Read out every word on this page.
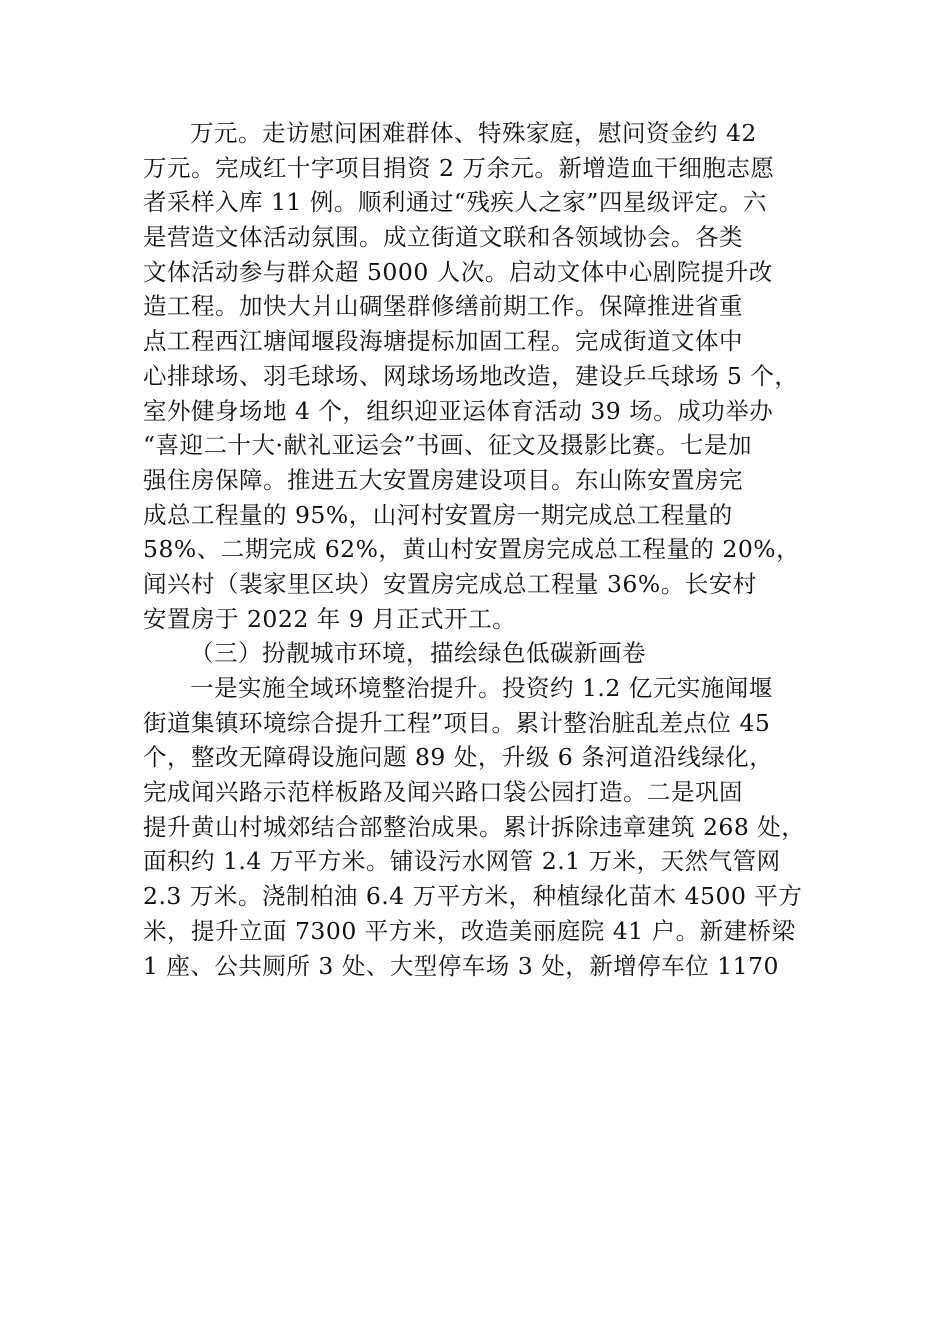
万元。走访慰问困难群体、特殊家庭，慰问资金约 42
万元。完成红十字项目捐资 2 万余元。新增造血干细胞志愿
者采样入库 11 例。顺利通过“残疾人之家”四星级评定。六
是营造文体活动氛围。成立街道文联和各领域协会。各类
文体活动参与群众超 5000 人次。启动文体中心剧院提升改
造工程。加快大爿山碉堡群修缮前期工作。保障推进省重
点工程西江塘闻堰段海塘提标加固工程。完成街道文体中
心排球场、羽毛球场、网球场场地改造，建设乒乓球场 5 个，
室外健身场地 4 个，组织迎亚运体育活动 39 场。成功举办
“喜迎二十大·献礼亚运会”书画、征文及摄影比赛。七是加
强住房保障。推进五大安置房建设项目。东山陈安置房完
成总工程量的 95%，山河村安置房一期完成总工程量的
58%、二期完成 62%，黄山村安置房完成总工程量的 20%，
闻兴村（裴家里区块）安置房完成总工程量 36%。长安村
安置房于 2022 年 9 月正式开工。
（三）扮靓城市环境，描绘绿色低碳新画卷
一是实施全域环境整治提升。投资约 1.2 亿元实施闻堰
街道集镇环境综合提升工程”项目。累计整治脏乱差点位 45
个，整改无障碍设施问题 89 处，升级 6 条河道沿线绿化，
完成闻兴路示范样板路及闻兴路口袋公园打造。二是巩固
提升黄山村城郊结合部整治成果。累计拆除违章建筑 268 处，
面积约 1.4 万平方米。铺设污水网管 2.1 万米，天然气管网
2.3 万米。浇制柏油 6.4 万平方米，种植绿化苗木 4500 平方
米，提升立面 7300 平方米，改造美丽庭院 41 户。新建桥梁
1 座、公共厕所 3 处、大型停车场 3 处，新增停车位 1170
